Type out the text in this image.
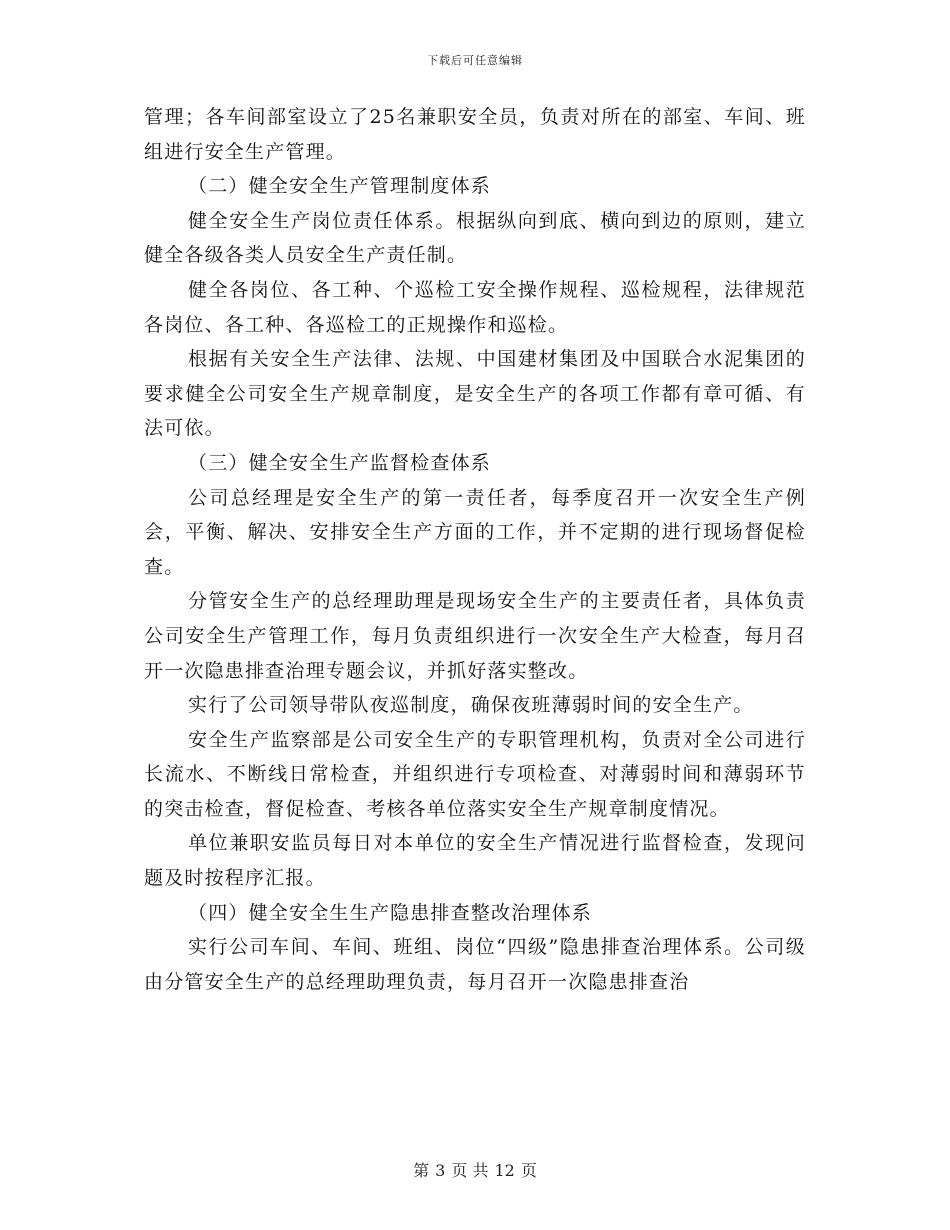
下载后可任意编辑

管理；各车间部室设立了25名兼职安全员，负责对所在的部室、车间、班组进行安全生产管理。

（二）健全安全生产管理制度体系

健全安全生产岗位责任体系。根据纵向到底、横向到边的原则，建立健全各级各类人员安全生产责任制。

健全各岗位、各工种、个巡检工安全操作规程、巡检规程，法律规范各岗位、各工种、各巡检工的正规操作和巡检。

根据有关安全生产法律、法规、中国建材集团及中国联合水泥集团的要求健全公司安全生产规章制度，是安全生产的各项工作都有章可循、有法可依。

（三）健全安全生产监督检查体系

公司总经理是安全生产的第一责任者，每季度召开一次安全生产例会，平衡、解决、安排安全生产方面的工作，并不定期的进行现场督促检查。

分管安全生产的总经理助理是现场安全生产的主要责任者，具体负责公司安全生产管理工作，每月负责组织进行一次安全生产大检查，每月召开一次隐患排查治理专题会议，并抓好落实整改。

实行了公司领导带队夜巡制度，确保夜班薄弱时间的安全生产。

安全生产监察部是公司安全生产的专职管理机构，负责对全公司进行长流水、不断线日常检查，并组织进行专项检查、对薄弱时间和薄弱环节的突击检查，督促检查、考核各单位落实安全生产规章制度情况。

单位兼职安监员每日对本单位的安全生产情况进行监督检查，发现问题及时按程序汇报。

（四）健全安全生生产隐患排查整改治理体系

实行公司车间、车间、班组、岗位“四级”隐患排查治理体系。公司级由分管安全生产的总经理助理负责，每月召开一次隐患排查治

第 3 页 共 12 页
